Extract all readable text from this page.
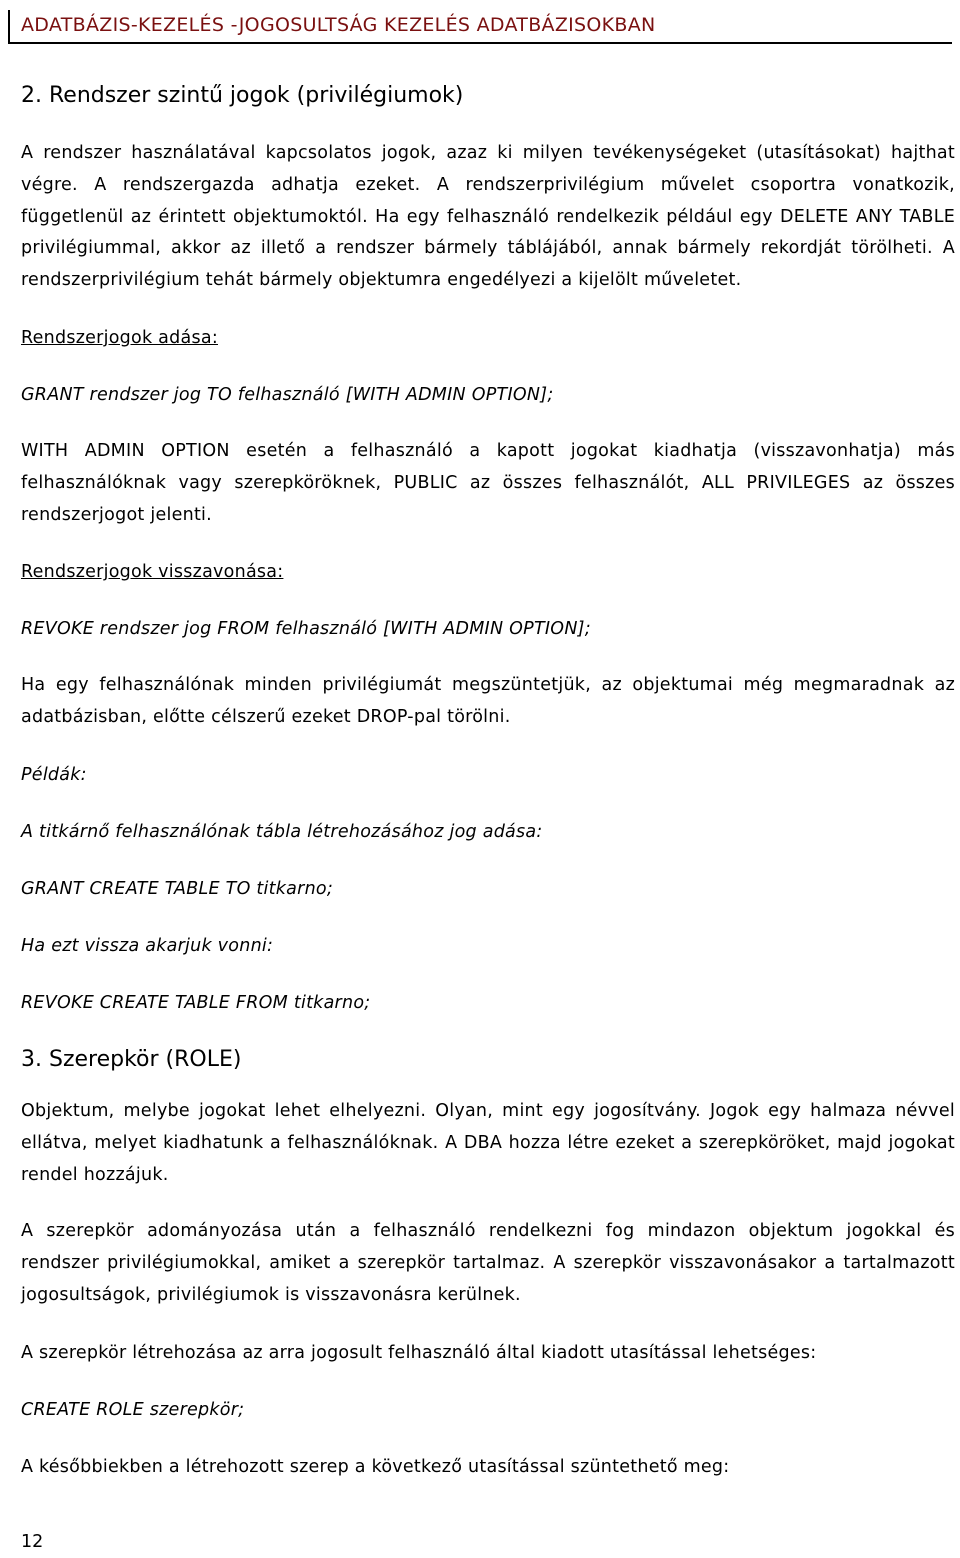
ADATBÁZIS-KEZELÉS -JOGOSULTSÁG KEZELÉS ADATBÁZISOKBAN
2. Rendszer szintű jogok (privilégiumok)
A rendszer használatával kapcsolatos jogok, azaz ki milyen tevékenységeket (utasításokat) hajthat végre. A rendszergazda adhatja ezeket. A rendszerprivilégium művelet csoportra vonatkozik, függetlenül az érintett objektumoktól. Ha egy felhasználó rendelkezik például egy DELETE ANY TABLE privilégiummal, akkor az illető a rendszer bármely táblájából, annak bármely rekordját törölheti. A rendszerprivilégium tehát bármely objektumra engedélyezi a kijelölt műveletet.
Rendszerjogok adása:
GRANT rendszer jog TO felhasználó [WITH ADMIN OPTION];
WITH ADMIN OPTION esetén a felhasználó a kapott jogokat kiadhatja (visszavonhatja) más felhasználóknak vagy szerepköröknek, PUBLIC az összes felhasználót, ALL PRIVILEGES az összes rendszerjogot jelenti.
Rendszerjogok visszavonása:
REVOKE rendszer jog FROM felhasználó [WITH ADMIN OPTION];
Ha egy felhasználónak minden privilégiumát megszüntetjük, az objektumai még megmaradnak az adatbázisban, előtte célszerű ezeket DROP-pal törölni.
Példák:
A titkárnő felhasználónak tábla létrehozásához jog adása:
GRANT CREATE TABLE TO titkarno;
Ha ezt vissza akarjuk vonni:
REVOKE CREATE TABLE FROM titkarno;
3. Szerepkör (ROLE)
Objektum, melybe jogokat lehet elhelyezni. Olyan, mint egy jogosítvány. Jogok egy halmaza névvel ellátva, melyet kiadhatunk a felhasználóknak. A DBA hozza létre ezeket a szerepköröket, majd jogokat rendel hozzájuk.
A szerepkör adományozása után a felhasználó rendelkezni fog mindazon objektum jogokkal és rendszer privilégiumokkal, amiket a szerepkör tartalmaz. A szerepkör visszavonásakor a tartalmazott jogosultságok, privilégiumok is visszavonásra kerülnek.
A szerepkör létrehozása az arra jogosult felhasználó által kiadott utasítással lehetséges:
CREATE ROLE szerepkör;
A későbbiekben a létrehozott szerep a következő utasítással szüntethető meg:
12
